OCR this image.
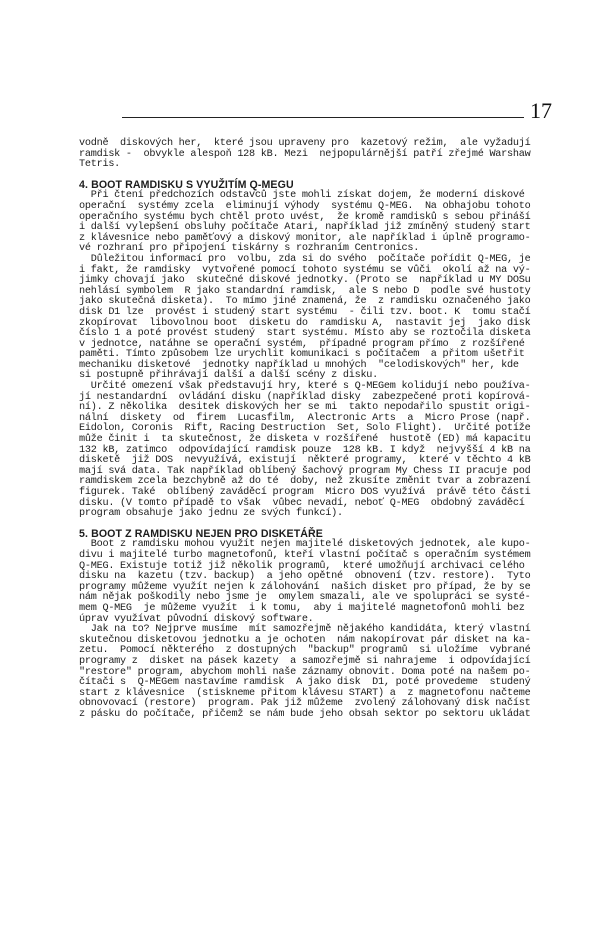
17
vodně  diskových her,  které jsou upraveny pro  kazetový režim,  ale vyžadují
ramdisk -  obvykle alespoň 128 kB. Mezi  nejpopulárnější patří zřejmé Warshaw
Tetris.
4. BOOT RAMDISKU S VYUŽITÍM Q-MEGU
Při čtení předchozích odstavců jste mohli získat dojem, že moderní diskové
operační  systémy zcela  eliminují výhody  systému Q-MEG.  Na obhajobu tohoto
operačního systému bych chtěl proto uvést,  že kromě ramdisků s sebou přináší
i další vylepšení obsluhy počítače Atari, například již zmíněný studený start
z klávesnice nebo paměťový a diskový monitor, ale například i úplně programo-
vé rozhraní pro připojení tiskárny s rozhraním Centronics.
Důležitou informací pro  volbu, zda si do svého  počítače pořídit Q-MEG, je
i fakt, že ramdisky  vytvořené pomocí tohoto systému se vůči  okolí až na vý-
jimky chovají jako  skutečné diskové jednotky. (Proto se  například u MY DOSu
nehlásí symbolem  R jako standardní ramdisk,  ale S nebo D  podle své hustoty
jako skutečná disketa).  To mímo jiné znamená, že  z ramdisku označeného jako
disk D1 lze  provést i studený start systému  - čili tzv. boot. K  tomu stačí
zkopírovat  libovolnou boot  disketu do  ramdisku A,  nastavit jej  jako disk
číslo 1 a poté provést studený  start systému. Místo aby se roztočila disketa
v jednotce, natáhne se operační systém,  případné program přímo  z rozšířené
paměti. Tímto způsobem lze urychlit komunikaci s počítačem  a přitom ušetřit
mechaniku disketové  jednotky například u mnohých  "celodiskových" her, kde
si postupně přihrávají další a další scény z disku.
Určité omezení však představují hry, které s Q-MEGem kolidují nebo používa-
jí nestandardní  ovládání disku (například disky  zabezpečené proti kopírová-
ní). Z několika  desitek diskových her se mi  takto nepodařilo spustit origi-
nální  diskety  od  firem  Lucasfilm,  Alectronic Arts  a  Micro Prose (např.
Eidolon, Coronis  Rift, Racing Destruction  Set, Solo Flight).  Určité potíže
může činit i  ta skutečnost, že disketa v rozšířené  hustotě (ED) má kapacitu
132 kB, zatimco  odpovídající ramdisk pouze  128 kB. I když  nejvyšší 4 kB na
disketě  již DOS  nevyužívá, existují  některé programy,  které v těchto 4 kB
mají svá data. Tak například oblíbený šachový program My Chess II pracuje pod
ramdiskem zcela bezchybně až do té  doby, než zkusíte změnit tvar a zobrazení
figurek. Také  oblíbený zaváděcí program  Micro DOS využívá  právě této části
disku. (V tomto případě to však  vůbec nevadí, neboť Q-MEG  obdobný zaváděcí
program obsahuje jako jednu ze svých funkcí).
5. BOOT Z RAMDISKU NEJEN PRO DISKETÁŘE
Boot z ramdisku mohou využít nejen majitelé disketových jednotek, ale kupo-
divu i majitelé turbo magnetofonů, kteří vlastní počítač s operačním systémem
Q-MEG. Existuje totiž již několik programů,  které umožňují archivaci celého
disku na  kazetu (tzv. backup)  a jeho opětné  obnovení (tzv. restore).  Tyto
programy můžeme využít nejen k zálohování  našich disket pro případ, že by se
nám nějak poškodily nebo jsme je  omylem smazali, ale ve spolupráci se systé-
mem Q-MEG  je můžeme využít  i k tomu,  aby i majitelé magnetofonů mohli bez
úprav využívat původní diskový software.
Jak na to? Nejprve musíme  mít samozřejmě nějakého kandidáta, který vlastní
skutečnou disketovou jednotku a je ochoten  nám nakopírovat pár disket na ka-
zetu.  Pomocí některého  z dostupných  "backup" programů  si uložíme  vybrané
programy z  disket na pásek kazety  a samozřejmě si nahrajeme  i odpovídající
"restore" program, abychom mohli naše záznamy obnovit. Doma poté na našem po-
čítači s  Q-MEGem nastavíme ramdisk  A jako disk  D1, poté provedeme  studený
start z klávesnice  (stiskneme přitom klávesu START) a  z magnetofonu načteme
obnovovací (restore)  program. Pak již můžeme  zvolený zálohovaný disk načíst
z pásku do počítače, přičemž se nám bude jeho obsah sektor po sektoru ukládat
